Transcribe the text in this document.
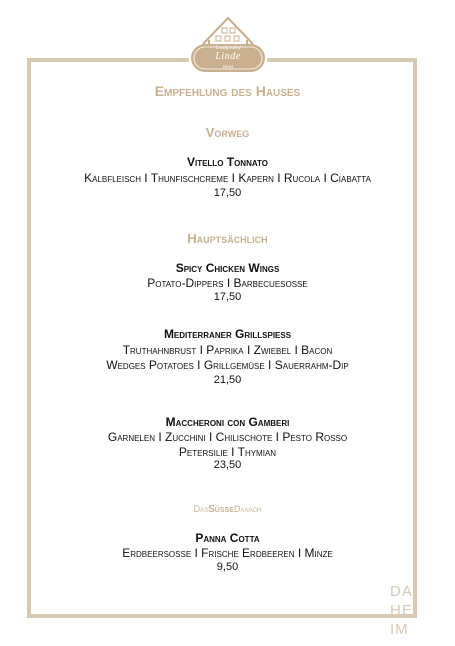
Landgasthof
Linde
Hotel
Empfehlung des Hauses
Vorweg
Vitello Tonnato
Kalbfleisch I Thunfischcreme I Kapern I Rucola I Ciabatta
17,50
Hauptsächlich
Spicy Chicken Wings
Potato-Dippers I Barbecuesoße
17,50
Mediterraner Grillspieß
Truthahnbrust I Paprika I Zwiebel I Bacon
Wedges Potatoes I Grillgemüse I Sauerrahm-Dip
21,50
Maccheroni con Gamberi
Garnelen I Zucchini I Chilischote I Pesto Rosso
Petersilie I Thymian
23,50
DasSüßeDanach
Panna Cotta
Erdbeersoße I Frische Erdbeeren I Minze
9,50
DA
HE
IM
